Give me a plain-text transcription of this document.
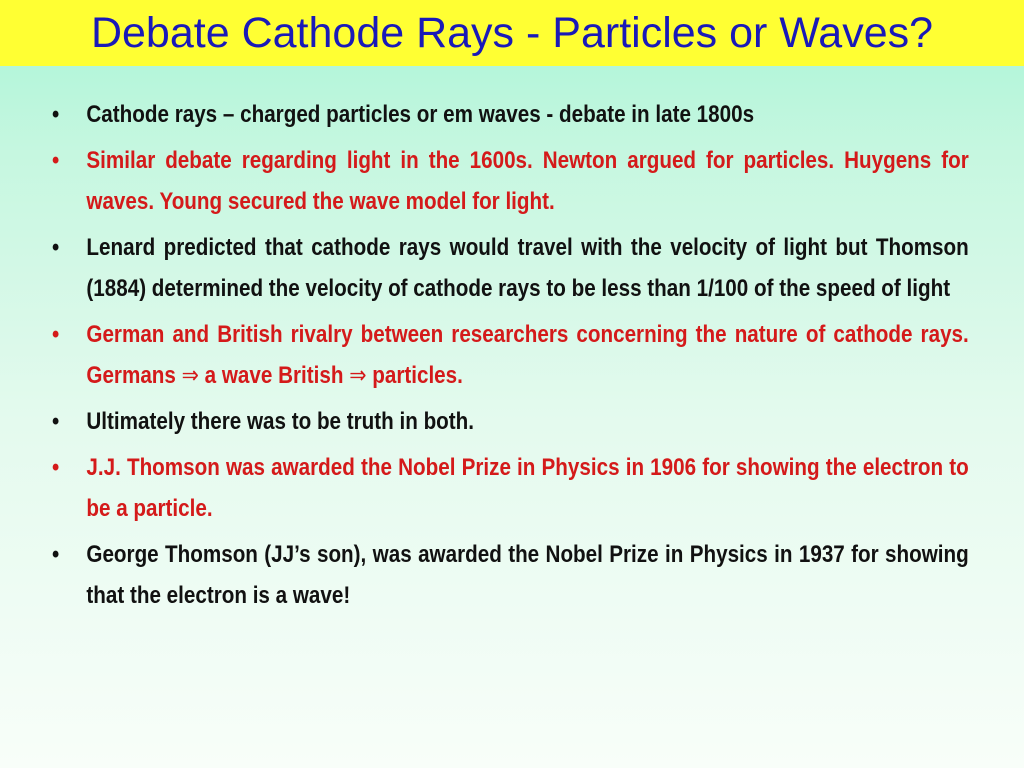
Debate Cathode Rays - Particles or Waves?
•	Cathode rays – charged particles or em waves - debate in late 1800s
•	Similar debate regarding light in the 1600s. Newton argued for particles. Huygens for waves. Young secured the wave model for light.
•	Lenard predicted that cathode rays would travel with the velocity of light but Thomson (1884) determined the velocity of cathode rays to be less than 1/100 of the speed of light
•	German and British rivalry between researchers concerning the nature of cathode rays. Germans ⇒ a wave British ⇒ particles.
•	Ultimately there was to be truth in both.
•	J.J. Thomson was awarded the Nobel Prize in Physics in 1906 for showing the electron to be a particle.
•	George Thomson (JJ’s son), was awarded the Nobel Prize in Physics in 1937 for showing that the electron is a wave!
